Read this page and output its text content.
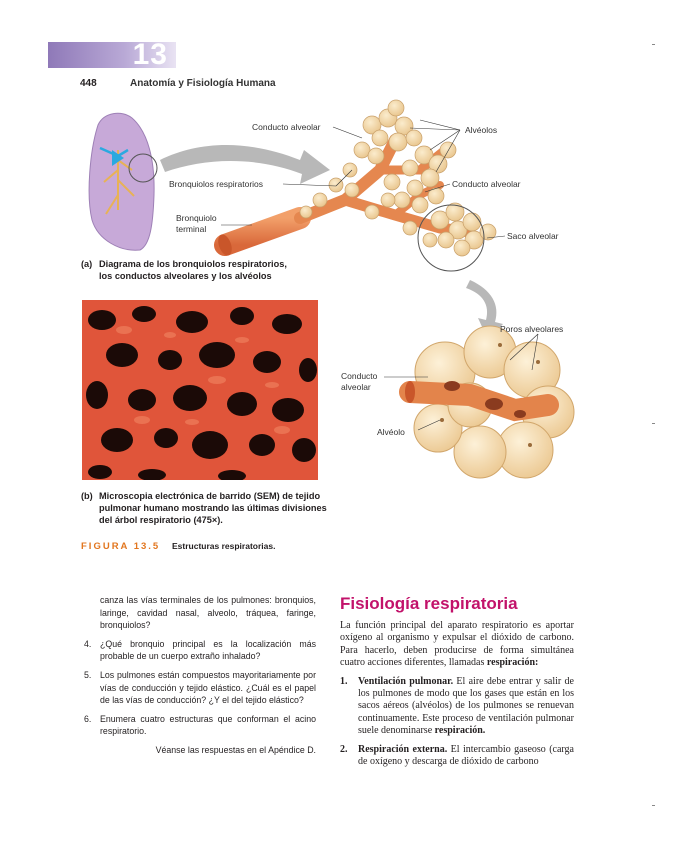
13
448	Anatomía y Fisiología Humana
Conducto alveolar	Alvéolos
Bronquiolos respiratorios	Conducto alveolar
Bronquiolo
terminal
Saco alveolar
(a) Diagrama de los bronquiolos respiratorios,
los conductos alveolares y los alvéolos
Poros alveolares
Conducto
alveolar
Alvéolo
(b) Microscopia electrónica de barrido (SEM) de tejido
pulmonar humano mostrando las últimas divisiones
del árbol respiratorio (475×).
FIGURA 13.5 Estructuras respiratorias.

canza las vías terminales de los pulmones: bronquios, laringe, cavidad nasal, alveolo, tráquea, faringe, bronquiolos?

4. ¿Qué bronquio principal es la localización más probable de un cuerpo extraño inhalado?
5. Los pulmones están compuestos mayoritariamente por vías de conducción y tejido elástico. ¿Cuál es el papel de las vías de conducción? ¿Y el del tejido elástico?
6. Enumera cuatro estructuras que conforman el acino respiratorio.
Véanse las respuestas en el Apéndice D.
Fisiología respiratoria

La función principal del aparato respiratorio es aportar oxígeno al organismo y expulsar el dióxido de carbono. Para hacerlo, deben producirse de forma simultánea cuatro acciones diferentes, llamadas respiración:

1. Ventilación pulmonar. El aire debe entrar y salir de los pulmones de modo que los gases que están en los sacos aéreos (alvéolos) de los pulmones se renuevan continuamente. Este proceso de ventilación pulmonar suele denominarse respiración.
2. Respiración externa. El intercambio gaseoso (carga de oxígeno y descarga de dióxido de carbono
